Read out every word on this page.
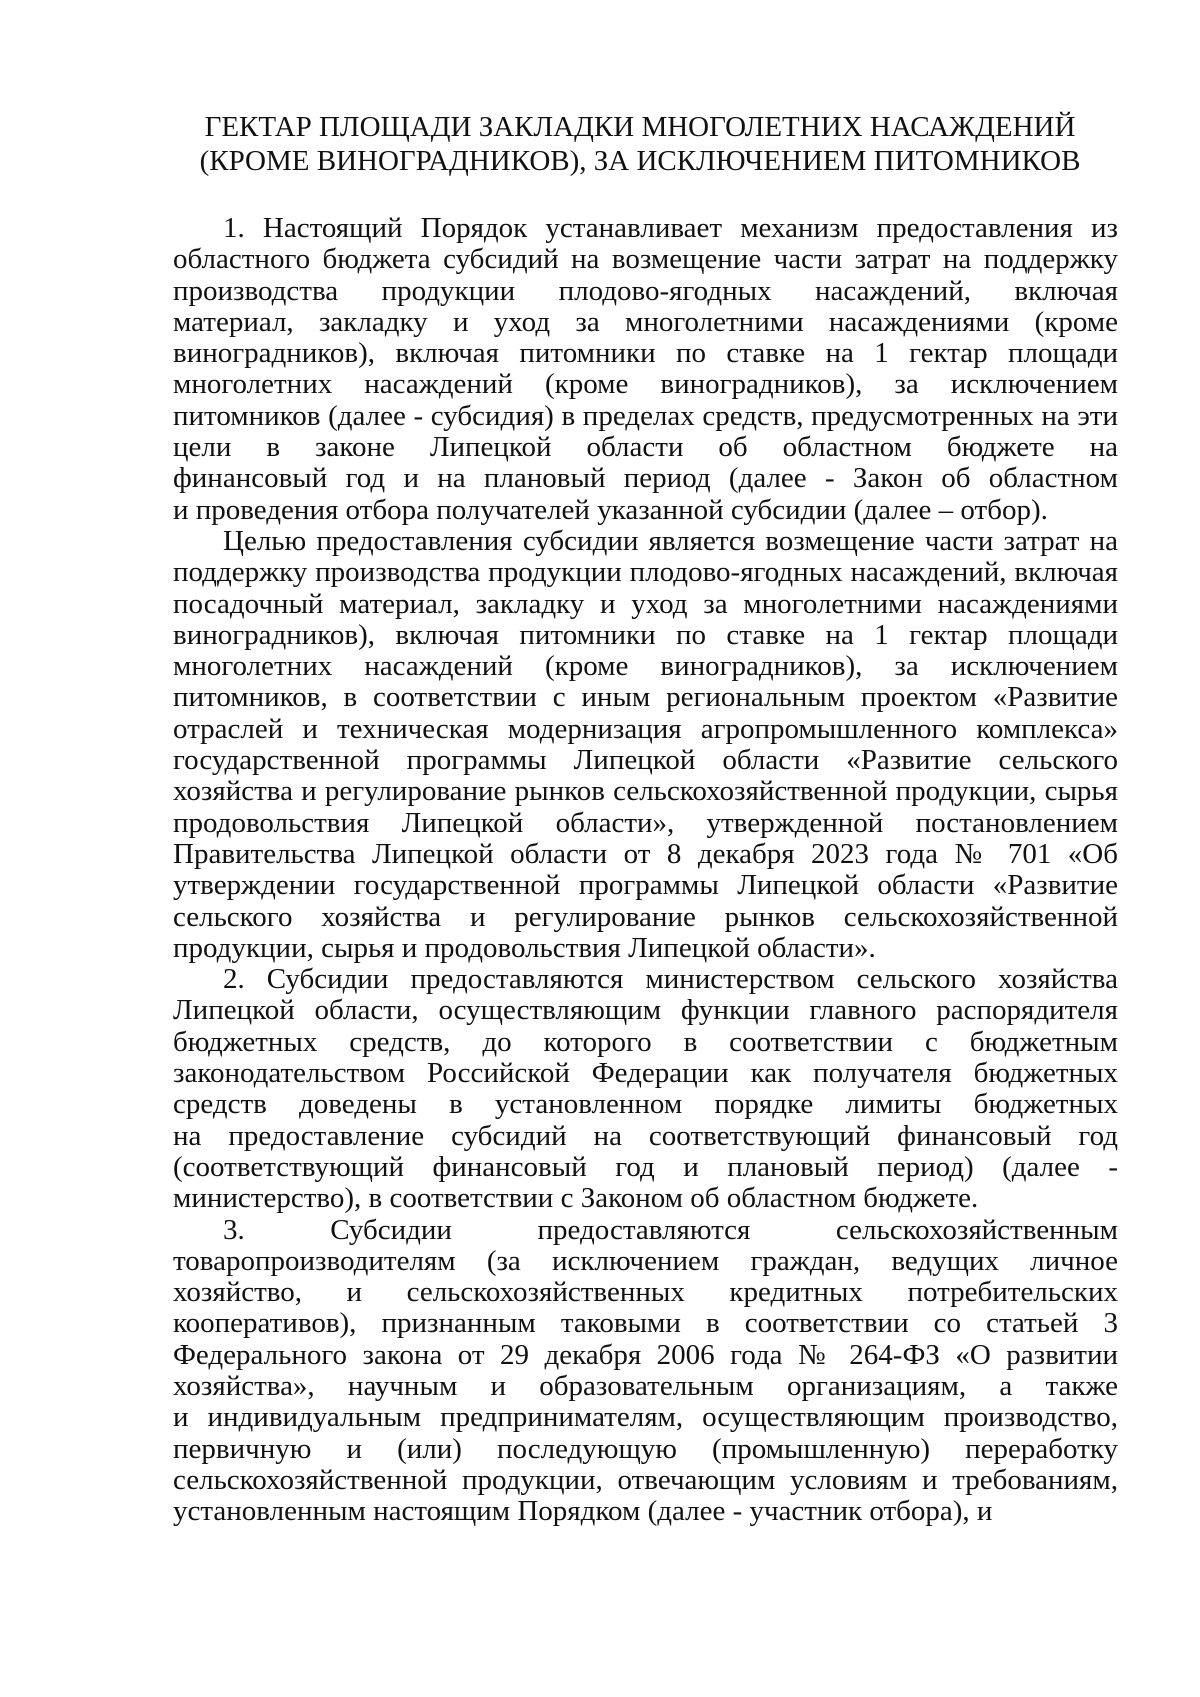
ГЕКТАР ПЛОЩАДИ ЗАКЛАДКИ МНОГОЛЕТНИХ НАСАЖДЕНИЙ
(КРОМЕ ВИНОГРАДНИКОВ), ЗА ИСКЛЮЧЕНИЕМ ПИТОМНИКОВ
1. Настоящий Порядок устанавливает механизм предоставления из
областного бюджета субсидий на возмещение части затрат на поддержку
производства продукции плодово-ягодных насаждений, включая
материал, закладку и уход за многолетними насаждениями (кроме
виноградников), включая питомники по ставке на 1 гектар площади
многолетних насаждений (кроме виноградников), за исключением
питомников (далее - субсидия) в пределах средств, предусмотренных на эти
цели в законе Липецкой области об областном бюджете на
финансовый год и на плановый период (далее - Закон об областном
и проведения отбора получателей указанной субсидии (далее – отбор).
Целью предоставления субсидии является возмещение части затрат на
поддержку производства продукции плодово-ягодных насаждений, включая
посадочный материал, закладку и уход за многолетними насаждениями
виноградников), включая питомники по ставке на 1 гектар площади
многолетних насаждений (кроме виноградников), за исключением
питомников, в соответствии с иным региональным проектом «Развитие
отраслей и техническая модернизация агропромышленного комплекса»
государственной программы Липецкой области «Развитие сельского
хозяйства и регулирование рынков сельскохозяйственной продукции, сырья
продовольствия Липецкой области», утвержденной постановлением
Правительства Липецкой области от 8 декабря 2023 года № 701 «Об
утверждении государственной программы Липецкой области «Развитие
сельского хозяйства и регулирование рынков сельскохозяйственной
продукции, сырья и продовольствия Липецкой области».
2. Субсидии предоставляются министерством сельского хозяйства
Липецкой области, осуществляющим функции главного распорядителя
бюджетных средств, до которого в соответствии с бюджетным
законодательством Российской Федерации как получателя бюджетных
средств доведены в установленном порядке лимиты бюджетных
на предоставление субсидий на соответствующий финансовый год
(соответствующий финансовый год и плановый период) (далее -
министерство), в соответствии с Законом об областном бюджете.
3. Субсидии предоставляются сельскохозяйственным
товаропроизводителям (за исключением граждан, ведущих личное
хозяйство, и сельскохозяйственных кредитных потребительских
кооперативов), признанным таковыми в соответствии со статьей 3
Федерального закона от 29 декабря 2006 года № 264-ФЗ «О развитии
хозяйства», научным и образовательным организациям, а также
и индивидуальным предпринимателям, осуществляющим производство,
первичную и (или) последующую (промышленную) переработку
сельскохозяйственной продукции, отвечающим условиям и требованиям,
установленным настоящим Порядком (далее - участник отбора), и
